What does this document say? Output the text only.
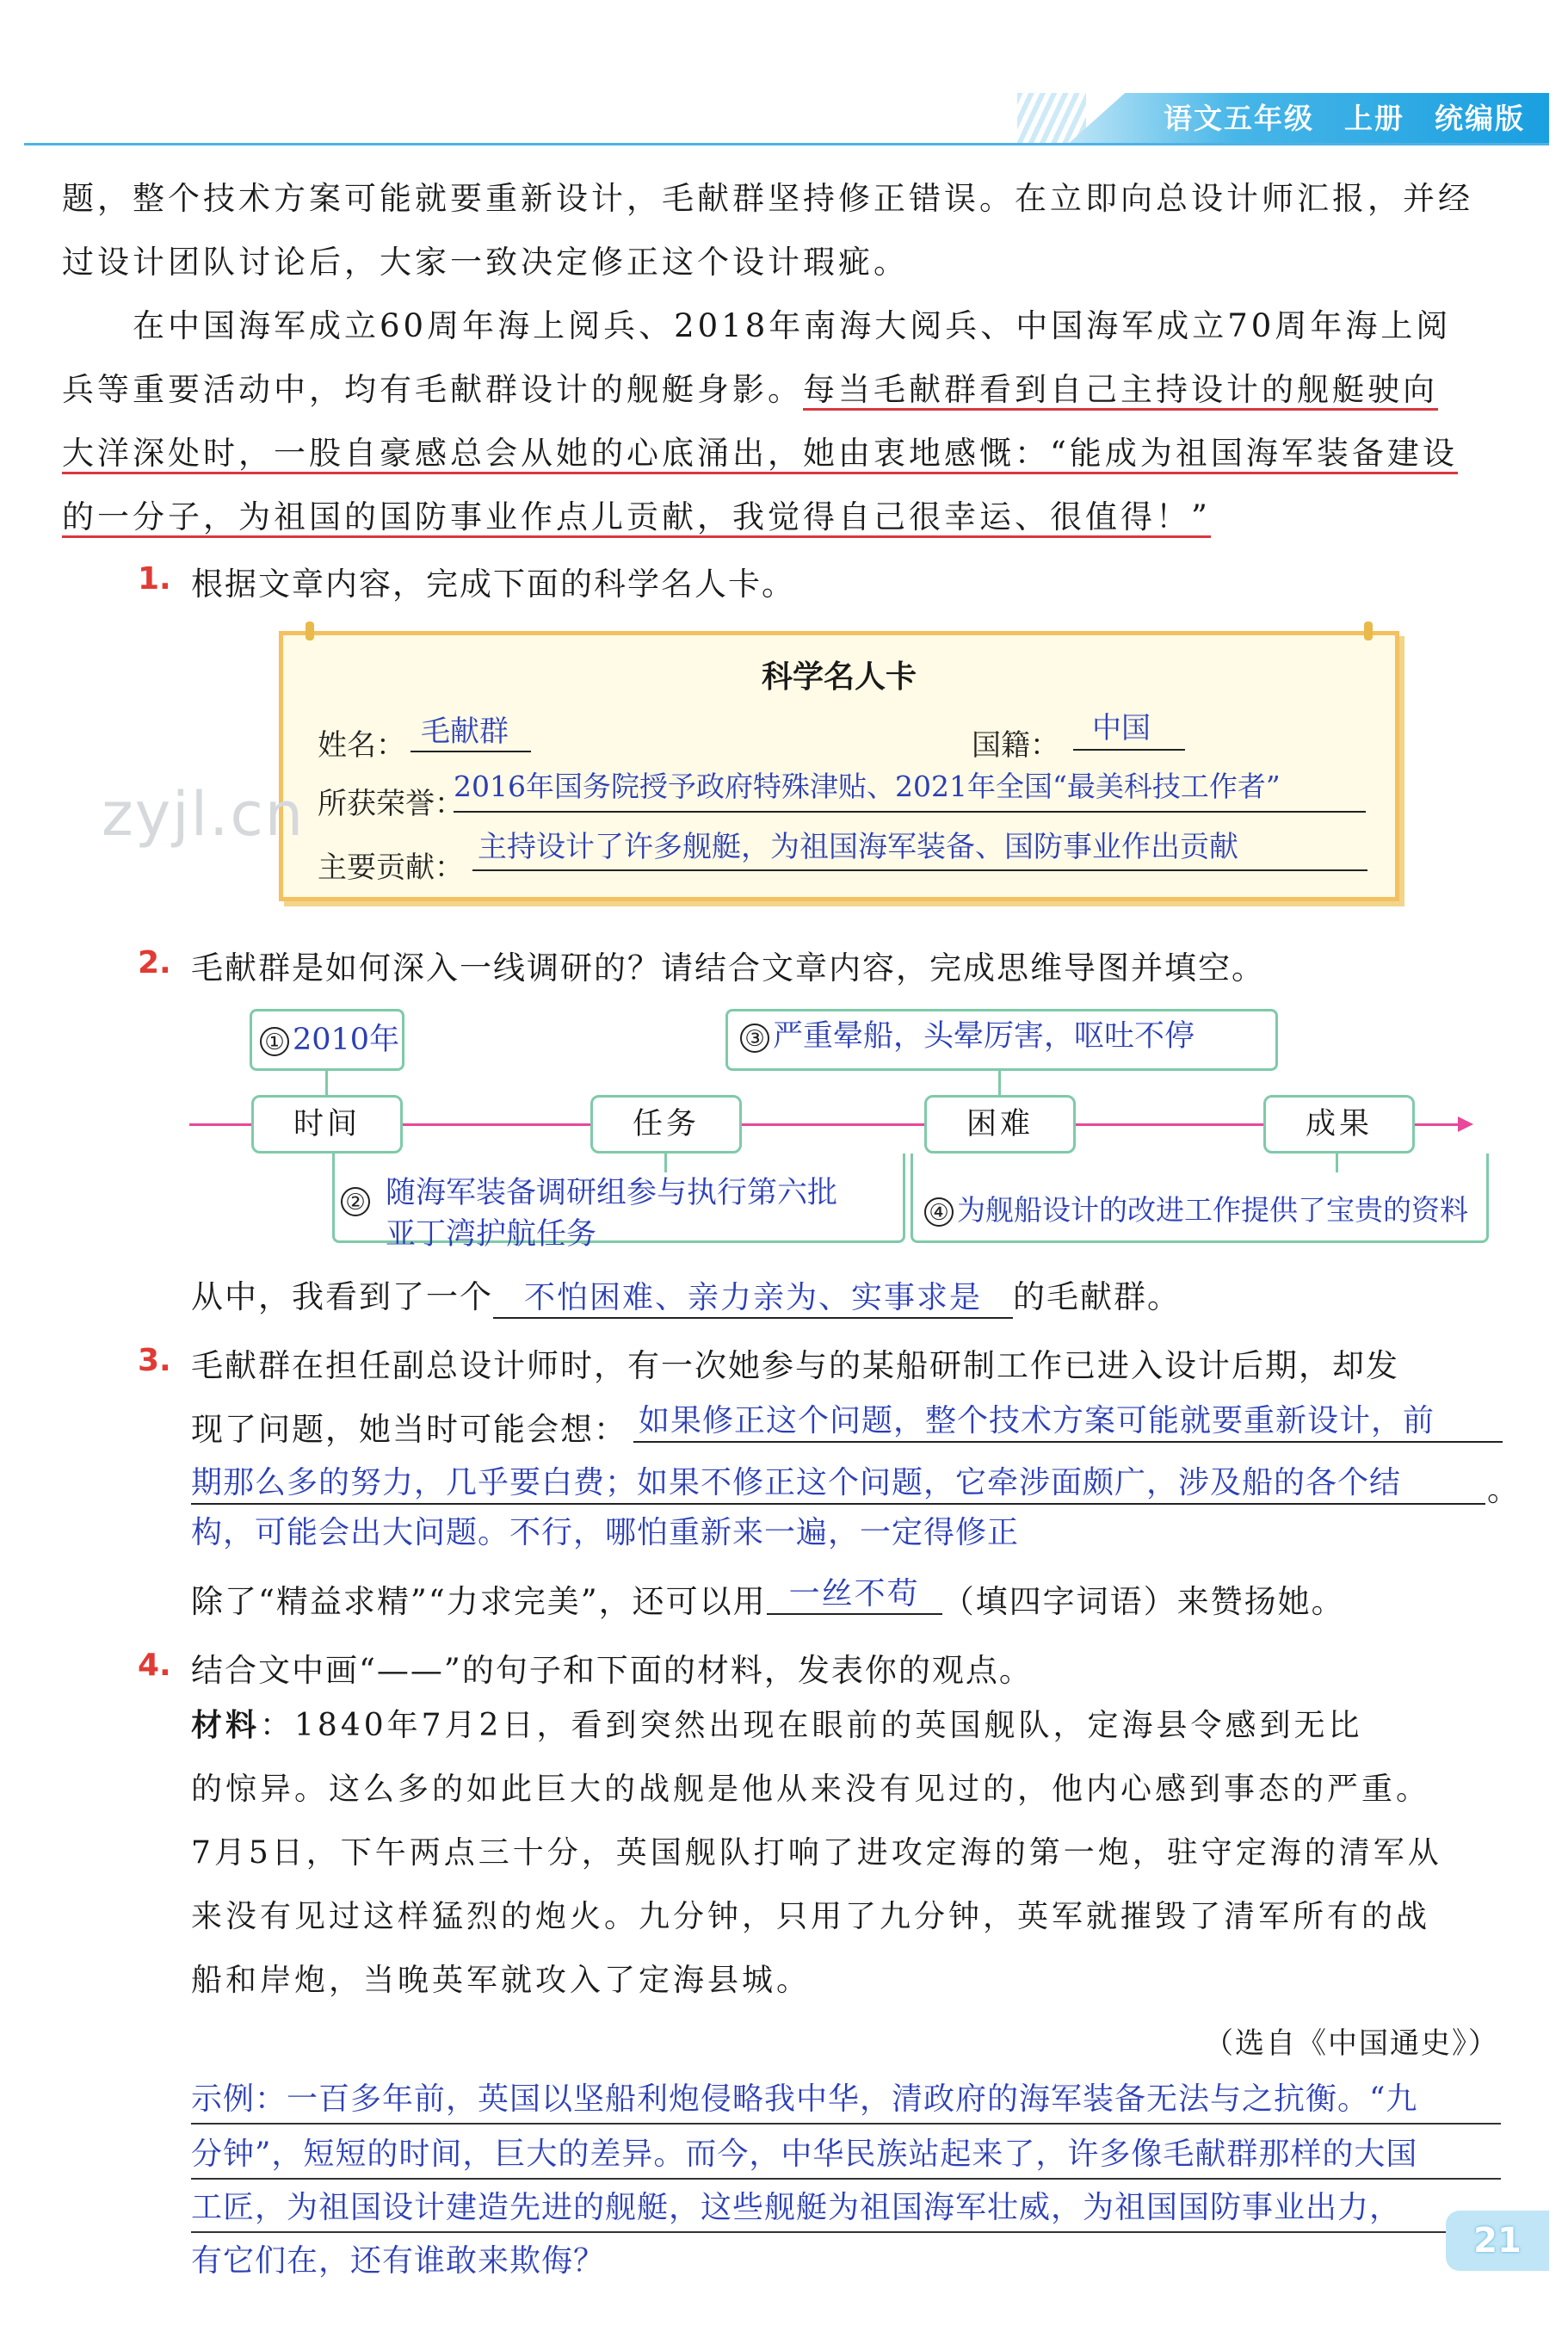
语文五年级　上册　统编版
题，整个技术方案可能就要重新设计，毛献群坚持修正错误。在立即向总设计师汇报，并经
过设计团队讨论后，大家一致决定修正这个设计瑕疵。
　　在中国海军成立60周年海上阅兵、2018年南海大阅兵、中国海军成立70周年海上阅
兵等重要活动中，均有毛献群设计的舰艇身影。每当毛献群看到自己主持设计的舰艇驶向
大洋深处时，一股自豪感总会从她的心底涌出，她由衷地感慨：“能成为祖国海军装备建设
的一分子，为祖国的国防事业作点儿贡献，我觉得自己很幸运、很值得！”
1. 根据文章内容，完成下面的科学名人卡。
科学名人卡
姓名： 毛献群	国籍： 中国
所获荣誉：
2016年国务院授予政府特殊津贴、2021年全国“最美科技工作者”
主要贡献：
主持设计了许多舰艇，为祖国海军装备、国防事业作出贡献
zyjl.cn
2. 毛献群是如何深入一线调研的？请结合文章内容，完成思维导图并填空。
① 2010年	③ 严重晕船，头晕厉害，呕吐不停
时间	任务	困难	成果
② 随海军装备调研组参与执行第六批
亚丁湾护航任务
④ 为舰船设计的改进工作提供了宝贵的资料
从中，我看到了一个 不怕困难、亲力亲为、实事求是 的毛献群。
3. 毛献群在担任副总设计师时，有一次她参与的某船研制工作已进入设计后期，却发
现了问题，她当时可能会想： 如果修正这个问题，整个技术方案可能就要重新设计，前
期那么多的努力，几乎要白费；如果不修正这个问题，它牵涉面颇广，涉及船的各个结	。
构，可能会出大问题。不行，哪怕重新来一遍，一定得修正
除了“精益求精”“力求完美”，还可以用 一丝不苟 （填四字词语）来赞扬她。
4. 结合文中画“——”的句子和下面的材料，发表你的观点。
材料：1840年7月2日，看到突然出现在眼前的英国舰队，定海县令感到无比
的惊异。这么多的如此巨大的战舰是他从来没有见过的，他内心感到事态的严重。
7月5日，下午两点三十分，英国舰队打响了进攻定海的第一炮，驻守定海的清军从
来没有见过这样猛烈的炮火。九分钟，只用了九分钟，英军就摧毁了清军所有的战
船和岸炮，当晚英军就攻入了定海县城。
（选自《中国通史》）
示例：一百多年前，英国以坚船利炮侵略我中华，清政府的海军装备无法与之抗衡。“九
分钟”，短短的时间，巨大的差异。而今，中华民族站起来了，许多像毛献群那样的大国
工匠，为祖国设计建造先进的舰艇，这些舰艇为祖国海军壮威，为祖国国防事业出力，
有它们在，还有谁敢来欺侮？
21
